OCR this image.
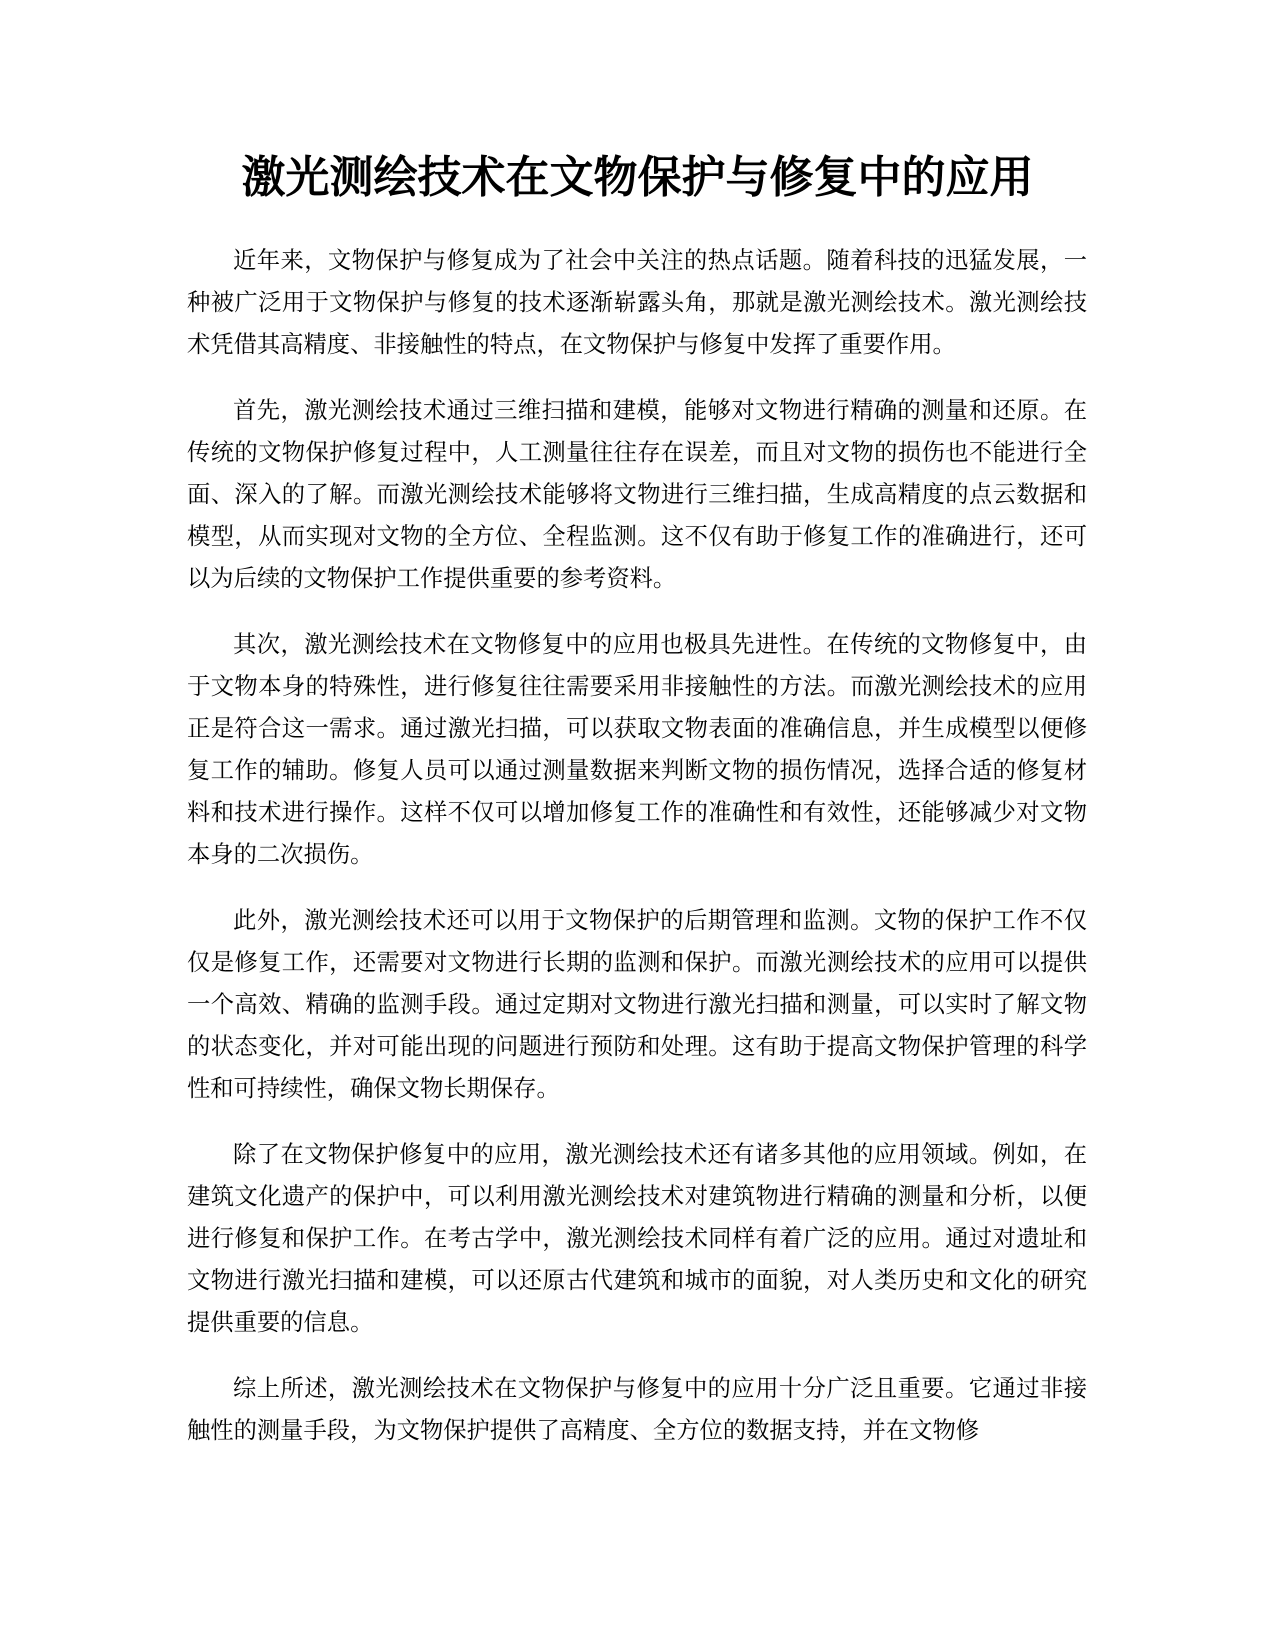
激光测绘技术在文物保护与修复中的应用

近年来，文物保护与修复成为了社会中关注的热点话题。随着科技的迅猛发展，一种被广泛用于文物保护与修复的技术逐渐崭露头角，那就是激光测绘技术。激光测绘技术凭借其高精度、非接触性的特点，在文物保护与修复中发挥了重要作用。

首先，激光测绘技术通过三维扫描和建模，能够对文物进行精确的测量和还原。在传统的文物保护修复过程中，人工测量往往存在误差，而且对文物的损伤也不能进行全面、深入的了解。而激光测绘技术能够将文物进行三维扫描，生成高精度的点云数据和模型，从而实现对文物的全方位、全程监测。这不仅有助于修复工作的准确进行，还可以为后续的文物保护工作提供重要的参考资料。

其次，激光测绘技术在文物修复中的应用也极具先进性。在传统的文物修复中，由于文物本身的特殊性，进行修复往往需要采用非接触性的方法。而激光测绘技术的应用正是符合这一需求。通过激光扫描，可以获取文物表面的准确信息，并生成模型以便修复工作的辅助。修复人员可以通过测量数据来判断文物的损伤情况，选择合适的修复材料和技术进行操作。这样不仅可以增加修复工作的准确性和有效性，还能够减少对文物本身的二次损伤。

此外，激光测绘技术还可以用于文物保护的后期管理和监测。文物的保护工作不仅仅是修复工作，还需要对文物进行长期的监测和保护。而激光测绘技术的应用可以提供一个高效、精确的监测手段。通过定期对文物进行激光扫描和测量，可以实时了解文物的状态变化，并对可能出现的问题进行预防和处理。这有助于提高文物保护管理的科学性和可持续性，确保文物长期保存。

除了在文物保护修复中的应用，激光测绘技术还有诸多其他的应用领域。例如，在建筑文化遗产的保护中，可以利用激光测绘技术对建筑物进行精确的测量和分析，以便进行修复和保护工作。在考古学中，激光测绘技术同样有着广泛的应用。通过对遗址和文物进行激光扫描和建模，可以还原古代建筑和城市的面貌，对人类历史和文化的研究提供重要的信息。

综上所述，激光测绘技术在文物保护与修复中的应用十分广泛且重要。它通过非接触性的测量手段，为文物保护提供了高精度、全方位的数据支持，并在文物修
